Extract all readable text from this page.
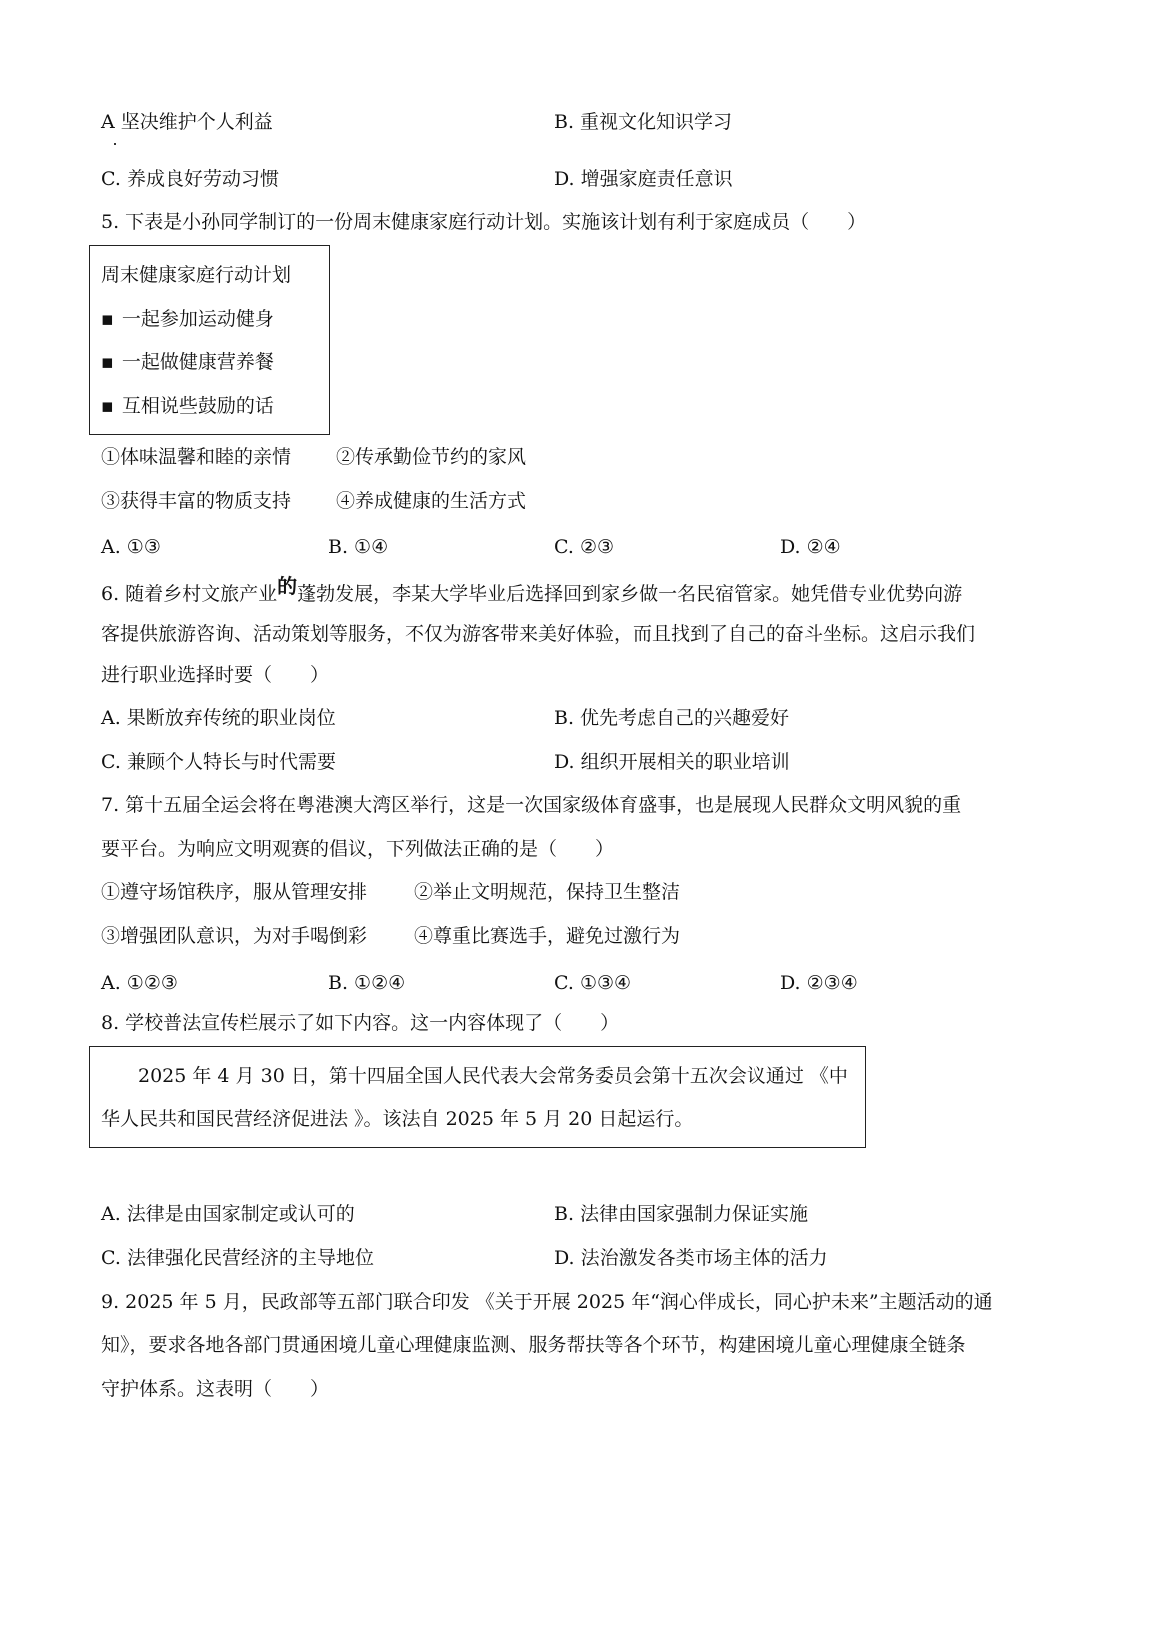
A 坚决维护个人利益	B. 重视文化知识学习
C. 养成良好劳动习惯	D. 增强家庭责任意识
5. 下表是小孙同学制订的一份周末健康家庭行动计划。实施该计划有利于家庭成员（　　）
周末健康家庭行动计划
▪ 一起参加运动健身
▪ 一起做健康营养餐
▪ 互相说些鼓励的话
①体味温馨和睦的亲情 ②传承勤俭节约的家风
③获得丰富的物质支持 ④养成健康的生活方式
A. ①③	B. ①④	C. ②③	D. ②④
6. 随着乡村文旅产业的蓬勃发展，李某大学毕业后选择回到家乡做一名民宿管家。她凭借专业优势向游
客提供旅游咨询、活动策划等服务，不仅为游客带来美好体验，而且找到了自己的奋斗坐标。这启示我们
进行职业选择时要（　　）
A. 果断放弃传统的职业岗位	B. 优先考虑自己的兴趣爱好
C. 兼顾个人特长与时代需要	D. 组织开展相关的职业培训
7. 第十五届全运会将在粤港澳大湾区举行，这是一次国家级体育盛事，也是展现人民群众文明风貌的重
要平台。为响应文明观赛的倡议，下列做法正确的是（　　）
①遵守场馆秩序，服从管理安排 ②举止文明规范，保持卫生整洁
③增强团队意识，为对手喝倒彩 ④尊重比赛选手，避免过激行为
A. ①②③	B. ①②④	C. ①③④	D. ②③④
8. 学校普法宣传栏展示了如下内容。这一内容体现了（　　）
2025 年 4 月 30 日，第十四届全国人民代表大会常务委员会第十五次会议通过 《中
华人民共和国民营经济促进法 》。该法自 2025 年 5 月 20 日起运行。
A. 法律是由国家制定或认可的	B. 法律由国家强制力保证实施
C. 法律强化民营经济的主导地位	D. 法治激发各类市场主体的活力
9. 2025 年 5 月，民政部等五部门联合印发 《关于开展 2025 年“润心伴成长，同心护未来”主题活动的通
知》，要求各地各部门贯通困境儿童心理健康监测、服务帮扶等各个环节，构建困境儿童心理健康全链条
守护体系。这表明（　　）
